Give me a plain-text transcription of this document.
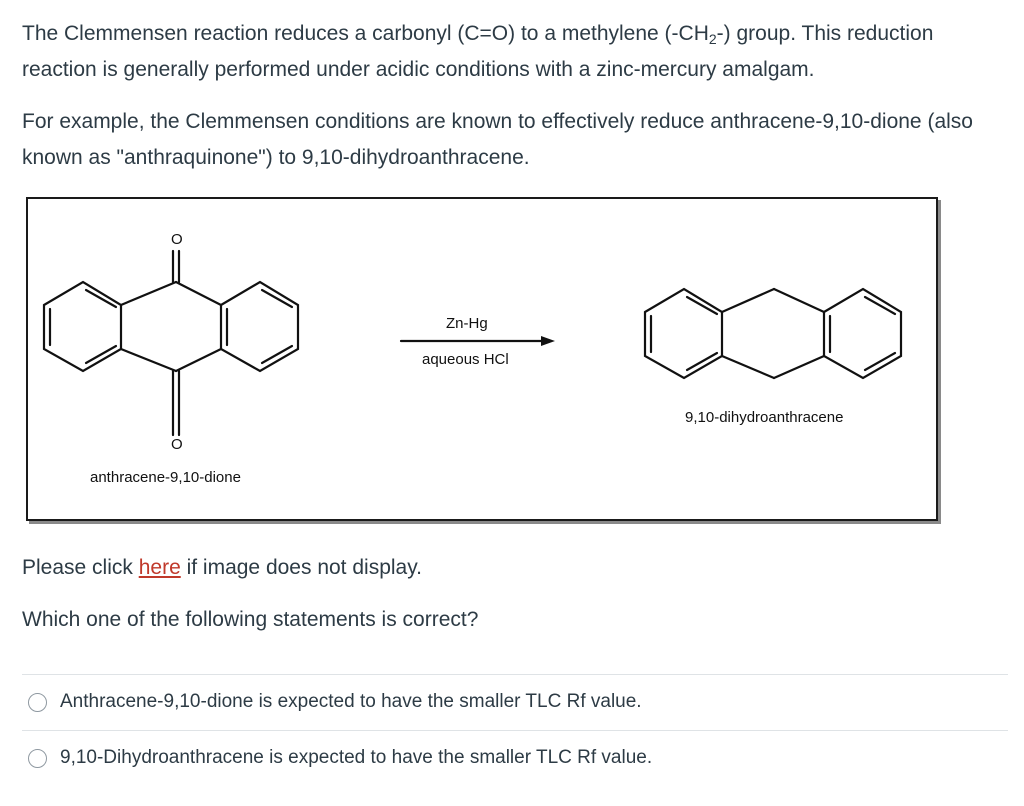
The Clemmensen reaction reduces a carbonyl (C=O) to a methylene $(-CH_2-)$ group. This reduction reaction is generally performed under acidic conditions with a zinc-mercury amalgam.

For example, the Clemmensen conditions are known to effectively reduce anthracene-9,10-dione (also known as "anthraquinone") to 9,10-dihydroanthracene.

O
O
Zn-Hg
aqueous HCl
anthracene-9,10-dione
9,10-dihydroanthracene
Please click here if image does not display.
Which one of the following statements is correct?
Anthracene-9,10-dione is expected to have the smaller TLC Rf value.
9,10-Dihydroanthracene is expected to have the smaller TLC Rf value.
